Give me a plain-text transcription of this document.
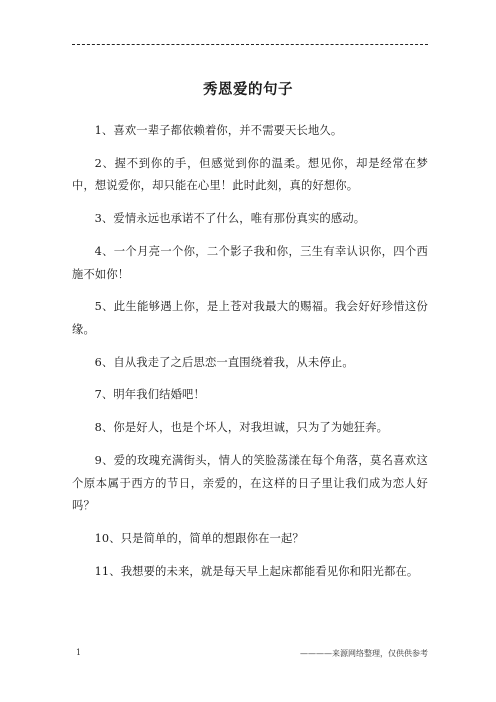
秀恩爱的句子

1、喜欢一辈子都依赖着你，并不需要天长地久。

2、握不到你的手，但感觉到你的温柔。想见你，却是经常在梦中，想说爱你，却只能在心里！此时此刻，真的好想你。

3、爱情永远也承诺不了什么，唯有那份真实的感动。

4、一个月亮一个你，二个影子我和你，三生有幸认识你，四个西施不如你！

5、此生能够遇上你，是上苍对我最大的赐福。我会好好珍惜这份缘。

6、自从我走了之后思恋一直围绕着我，从未停止。

7、明年我们结婚吧！

8、你是好人，也是个坏人，对我坦诚，只为了为她狂奔。

9、爱的玫瑰充满街头，情人的笑脸荡漾在每个角落，莫名喜欢这个原本属于西方的节日，亲爱的，在这样的日子里让我们成为恋人好吗？

10、只是简单的，简单的想跟你在一起？

11、我想要的未来，就是每天早上起床都能看见你和阳光都在。

1	————来源网络整理，仅供供参考
